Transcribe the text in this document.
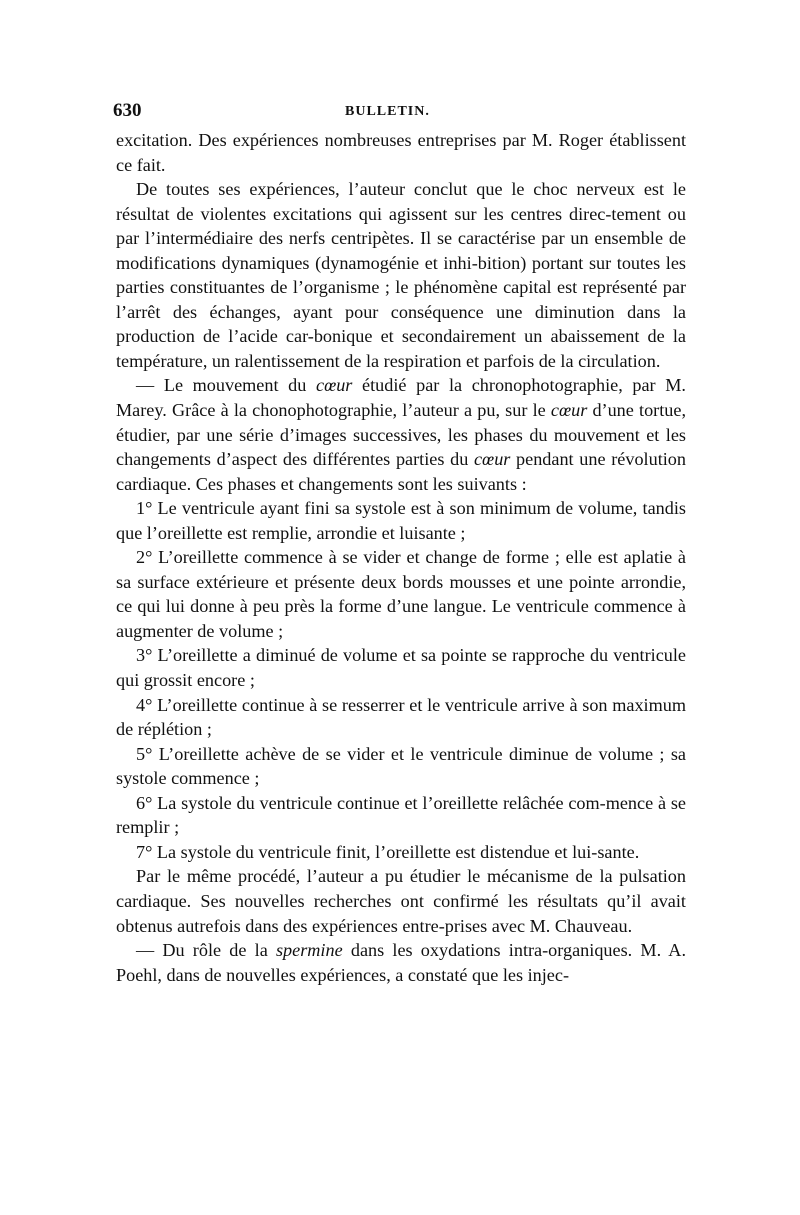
630	BULLETIN.

excitation. Des expériences nombreuses entreprises par M. Roger établissent ce fait.

De toutes ses expériences, l’auteur conclut que le choc nerveux est le résultat de violentes excitations qui agissent sur les centres direc-tement ou par l’intermédiaire des nerfs centripètes. Il se caractérise par un ensemble de modifications dynamiques (dynamogénie et inhi-bition) portant sur toutes les parties constituantes de l’organisme ; le phénomène capital est représenté par l’arrêt des échanges, ayant pour conséquence une diminution dans la production de l’acide car-bonique et secondairement un abaissement de la température, un ralentissement de la respiration et parfois de la circulation.

— Le mouvement du cœur étudié par la chronophotographie, par M. Marey. Grâce à la chonophotographie, l’auteur a pu, sur le cœur d’une tortue, étudier, par une série d’images successives, les phases du mouvement et les changements d’aspect des différentes parties du cœur pendant une révolution cardiaque. Ces phases et changements sont les suivants :

1° Le ventricule ayant fini sa systole est à son minimum de volume, tandis que l’oreillette est remplie, arrondie et luisante ;

2° L’oreillette commence à se vider et change de forme ; elle est aplatie à sa surface extérieure et présente deux bords mousses et une pointe arrondie, ce qui lui donne à peu près la forme d’une langue. Le ventricule commence à augmenter de volume ;

3° L’oreillette a diminué de volume et sa pointe se rapproche du ventricule qui grossit encore ;

4° L’oreillette continue à se resserrer et le ventricule arrive à son maximum de réplétion ;

5° L’oreillette achève de se vider et le ventricule diminue de volume ; sa systole commence ;

6° La systole du ventricule continue et l’oreillette relâchée com-mence à se remplir ;

7° La systole du ventricule finit, l’oreillette est distendue et lui-sante.

Par le même procédé, l’auteur a pu étudier le mécanisme de la pulsation cardiaque. Ses nouvelles recherches ont confirmé les résultats qu’il avait obtenus autrefois dans des expériences entre-prises avec M. Chauveau.

— Du rôle de la spermine dans les oxydations intra-organiques. M. A. Poehl, dans de nouvelles expériences, a constaté que les injec-
